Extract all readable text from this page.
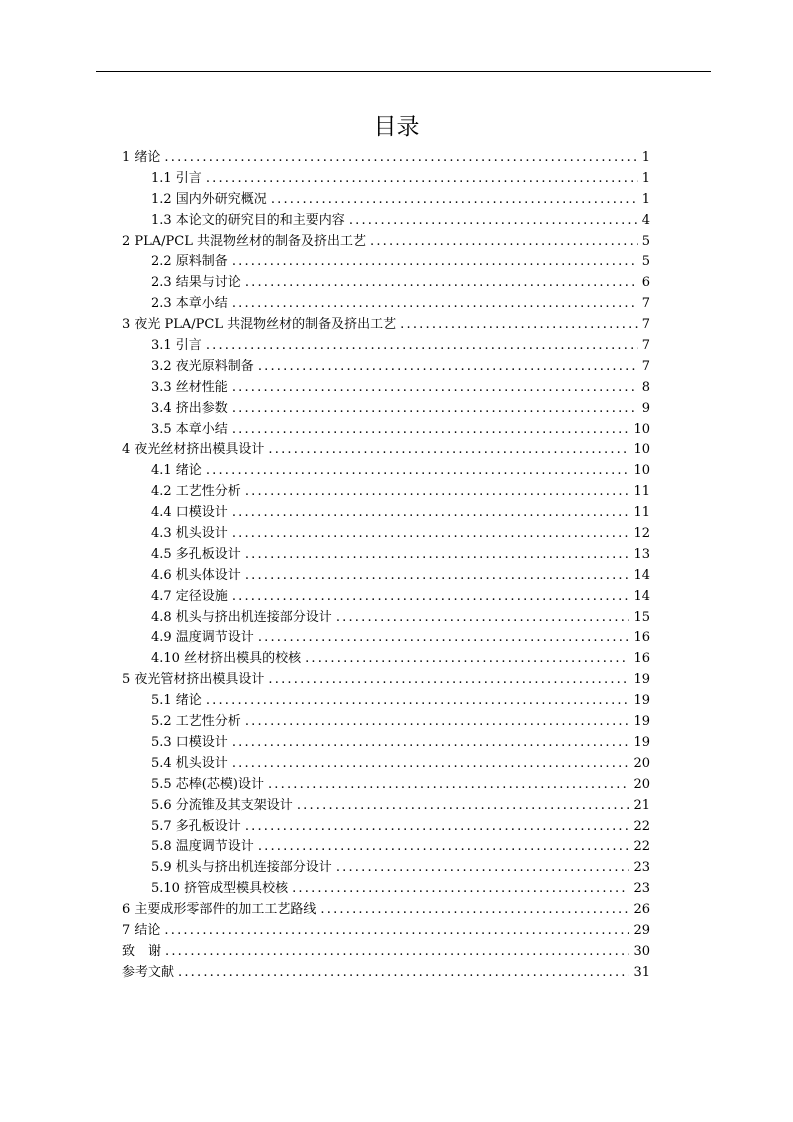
目录
1 绪论 .....	1
1.1 引言 .....	1
1.2 国内外研究概况 .....	1
1.3 本论文的研究目的和主要内容 .....	4
2 PLA/PCL 共混物丝材的制备及挤出工艺 .....	5
2.2 原料制备 .....	5
2.3 结果与讨论 .....	6
2.3 本章小结 .....	7
3 夜光 PLA/PCL 共混物丝材的制备及挤出工艺 .....	7
3.1 引言 .....	7
3.2 夜光原料制备 .....	7
3.3 丝材性能 .....	8
3.4 挤出参数 .....	9
3.5 本章小结 .....	10
4 夜光丝材挤出模具设计 .....	10
4.1 绪论 .....	10
4.2 工艺性分析 .....	11
4.4 口模设计 .....	11
4.3 机头设计 .....	12
4.5 多孔板设计 .....	13
4.6 机头体设计 .....	14
4.7 定径设施 .....	14
4.8 机头与挤出机连接部分设计 .....	15
4.9 温度调节设计 .....	16
4.10 丝材挤出模具的校核 .....	16
5 夜光管材挤出模具设计 .....	19
5.1 绪论 .....	19
5.2 工艺性分析 .....	19
5.3 口模设计 .....	19
5.4 机头设计 .....	20
5.5 芯棒(芯模)设计 .....	20
5.6 分流锥及其支架设计 .....	21
5.7 多孔板设计 .....	22
5.8 温度调节设计 .....	22
5.9 机头与挤出机连接部分设计 .....	23
5.10 挤管成型模具校核 .....	23
6 主要成形零部件的加工工艺路线 .....	26
7 结论 .....	29
致　谢 .....	30
参考文献 .....	31
